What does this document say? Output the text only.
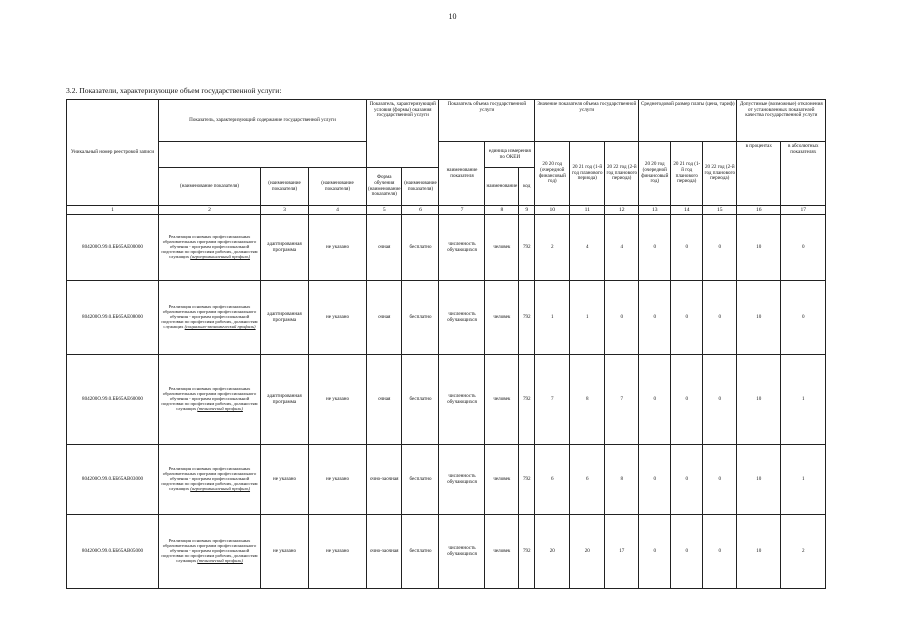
10
3.2. Показатели, характеризующие объем государственной услуги:
Уникальный номер реестровой записи	Показатель, характеризующий содержание государственной услуги			Показатель, характеризующий условия (формы) оказания государственной услуги		Показатель объема государственной услуги			Значение показателя объема государственной услуги			Среднегодовой размер платы (цена, тариф)			Допустимые (возможные) отклонения от установленных показателей качества государственной услуги	
						наименование показателя	единица измерения по ОКЕИ		20 20 год (очередной финансовый год)	20 21 год (1-й год планового периода)	20 22 год (2-й год планового периода)	20 20 год (очередной финансовый год)	20 21 год (1-й год планового периода)	20 22 год (2-й год планового периода)	в процентах	в абсолютных показателях
	(наименование показателя)	(наименование показателя)	(наименование показателя)	Форма обучения
(наименование показателя)	(наименование показателя)		наименование	код								
1	2	3	4	5	6	7	8	9	10	11	12	13	14	15	16	17
804200О.99.0.ББ65АЕ00000	Реализация основных профессиональных образовательных программ профессионального обучения - программ профессиональной подготовки по профессиям рабочих, должностям служащих (агропромышленный профиль)	адаптированная программа	не указано	очная	бесплатно	численность обучающихся	человек	792	2	4	4	0	0	0	10	0
804200О.99.0.ББ65АЕ08000	Реализация основных профессиональных образовательных программ профессионального обучения - программ профессиональной подготовки по профессиям рабочих, должностям служащих (социально-экономический профиль)	адаптированная программа	не указано	очная	бесплатно	численность обучающихся	человек	792	1	1	0	0	0	0	10	0
804200О.99.0.ББ65АЕ60000	Реализация основных профессиональных образовательных программ профессионального обучения - программ профессиональной подготовки по профессиям рабочих, должностям служащих (технический профиль)	адаптированная программа	не указано	очная	бесплатно	численность обучающихся	человек	792	7	8	7	0	0	0	10	1
804200О.99.0.ББ65АВ03000	Реализация основных профессиональных образовательных программ профессионального обучения - программ профессиональной подготовки по профессиям рабочих, должностям служащих (агропромышленный профиль)	не указано	не указано	очно-заочная	бесплатно	численность обучающихся	человек	792	6	6	8	0	0	0	10	1
804200О.99.0.ББ65АВ05000	Реализация основных профессиональных образовательных программ профессионального обучения - программ профессиональной подготовки по профессиям рабочих, должностям служащих (технический профиль)	не указано	не указано	очно-заочная	бесплатно	численность обучающихся	человек	792	20	20	17	0	0	0	10	2
